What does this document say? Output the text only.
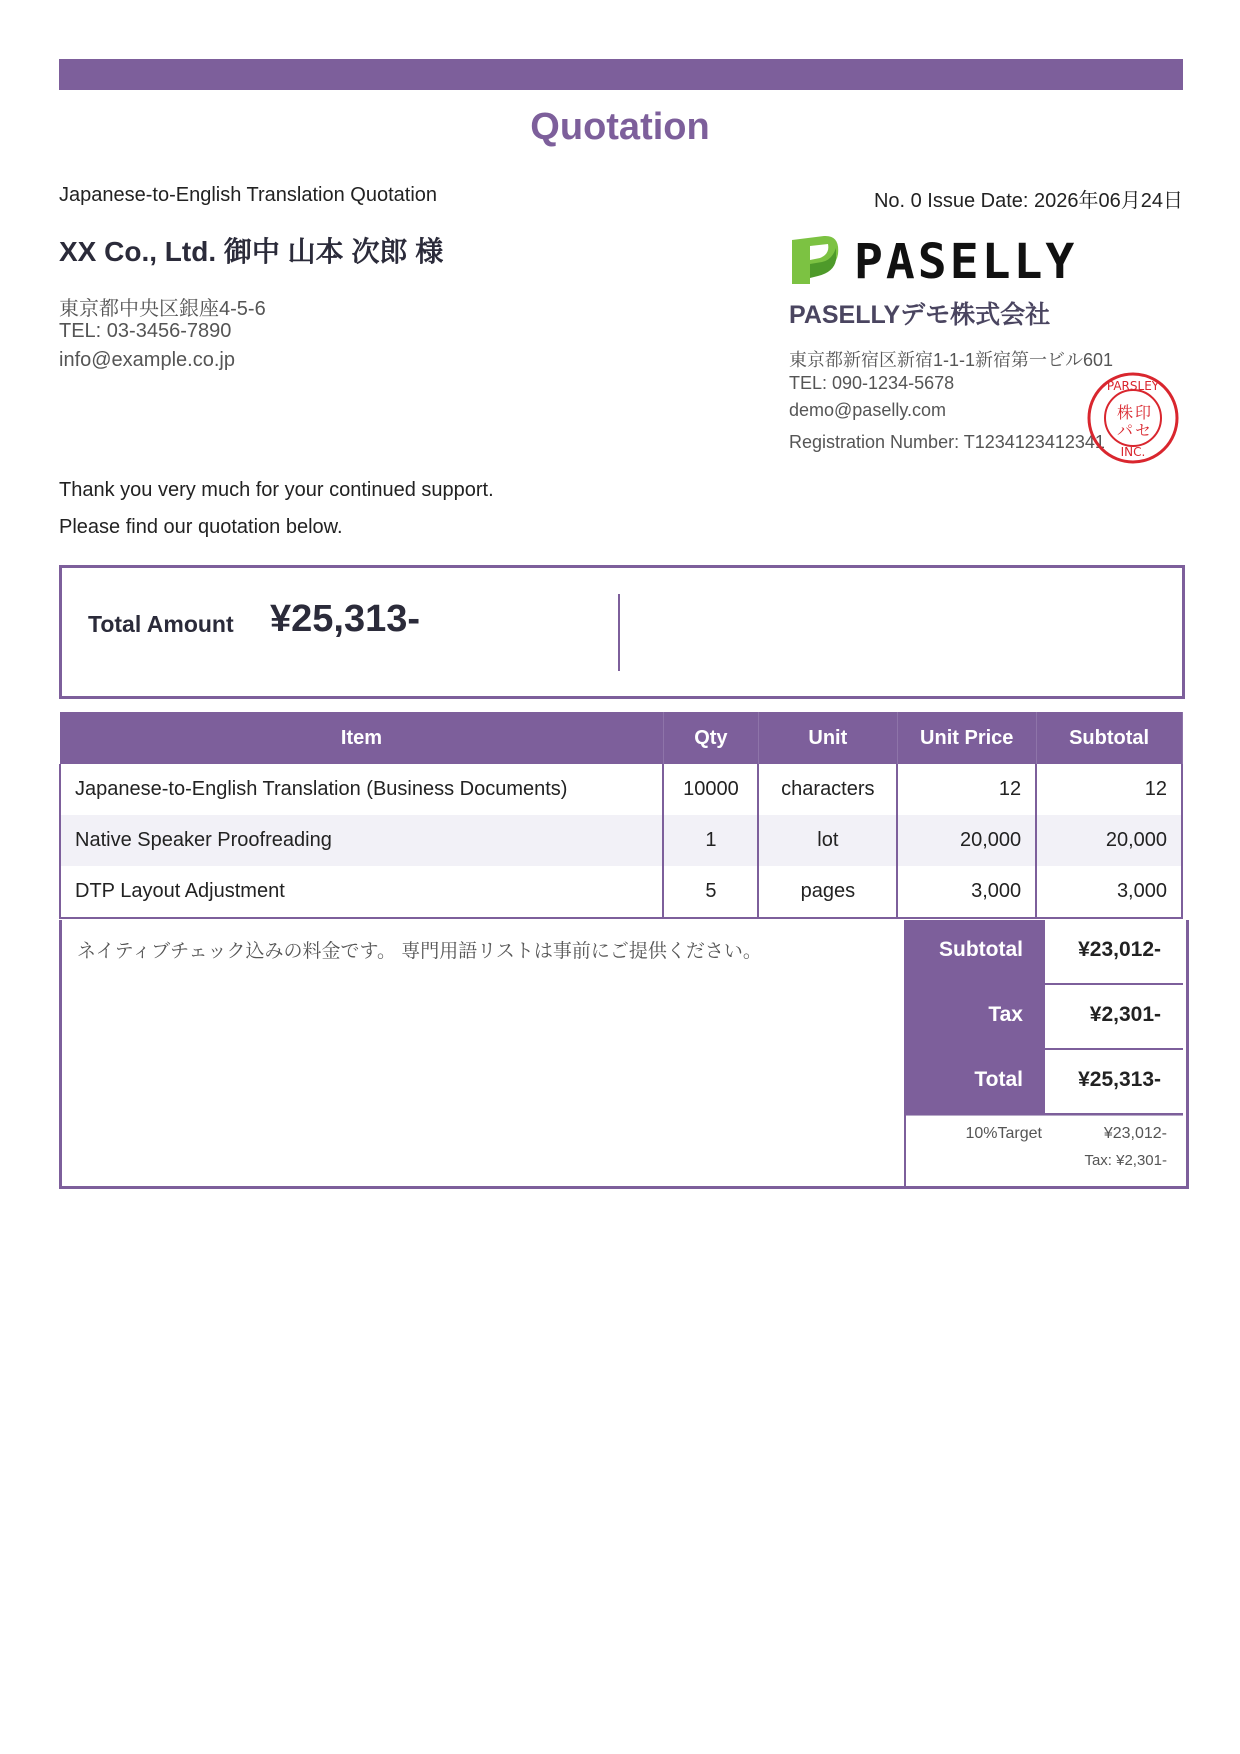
Quotation
Japanese-to-English Translation Quotation	No. 0 Issue Date: 2026年06月24日
XX Co., Ltd. 御中 山本 次郎 様
東京都中央区銀座4-5-6
TEL: 03-3456-7890
info@example.co.jp
PASELLY
PASELLYデモ株式会社
東京都新宿区新宿1-1-1新宿第一ビル601
TEL: 090-1234-5678
demo@paselly.com
Registration Number: T1234123412341
PARSLEY
INC.
株 印
パ セ
Thank you very much for your continued support.
Please find our quotation below.
Total Amount ¥25,313-
Item	Qty	Unit	Unit Price	Subtotal
Japanese-to-English Translation (Business Documents)	10000	characters	12	12
Native Speaker Proofreading	1	lot	20,000	20,000
DTP Layout Adjustment	5	pages	3,000	3,000
ネイティブチェック込みの料金です。 専門用語リストは事前にご提供ください。	Subtotal	¥23,012-
Tax	¥2,301-
Total	¥25,313-
10%Target	¥23,012-
Tax: ¥2,301-
